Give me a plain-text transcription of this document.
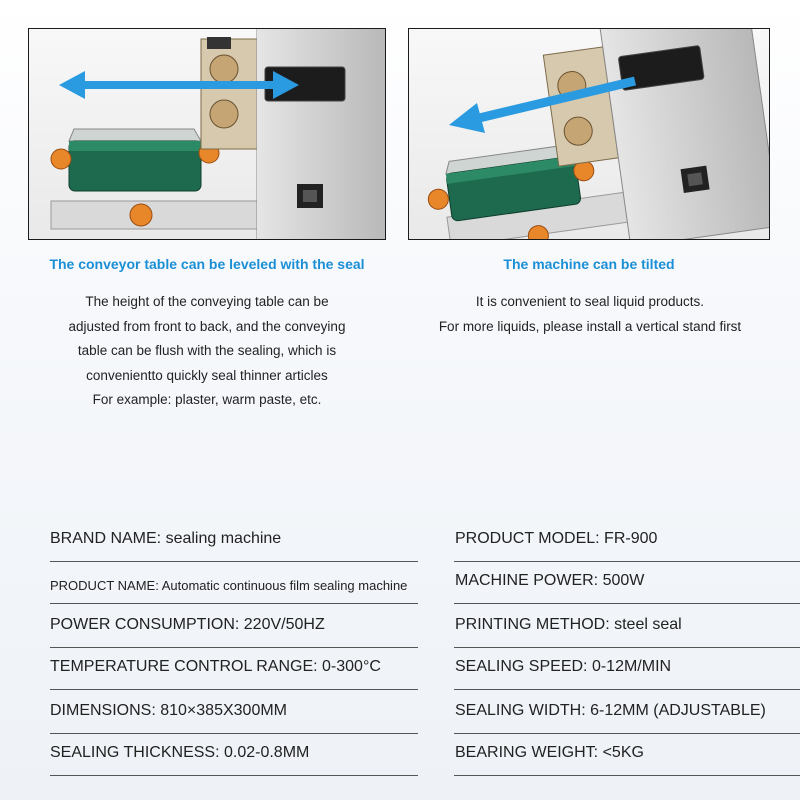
The conveyor table can be leveled with the seal	The machine can be tilted
The height of the conveying table can be
adjusted from front to back, and the conveying
table can be flush with the sealing, which is
convenientto quickly seal thinner articles
For example: plaster, warm paste, etc.
It is convenient to seal liquid products.
For more liquids, please install a vertical stand first
BRAND NAME: sealing machine	PRODUCT MODEL: FR-900
PRODUCT NAME: Automatic continuous film sealing machine	MACHINE POWER: 500W
POWER CONSUMPTION: 220V/50HZ	PRINTING METHOD: steel seal
TEMPERATURE CONTROL RANGE: 0-300°C	SEALING SPEED: 0-12M/MIN
DIMENSIONS: 810×385X300MM	SEALING WIDTH: 6-12MM (ADJUSTABLE)
SEALING THICKNESS: 0.02-0.8MM	BEARING WEIGHT: <5KG
